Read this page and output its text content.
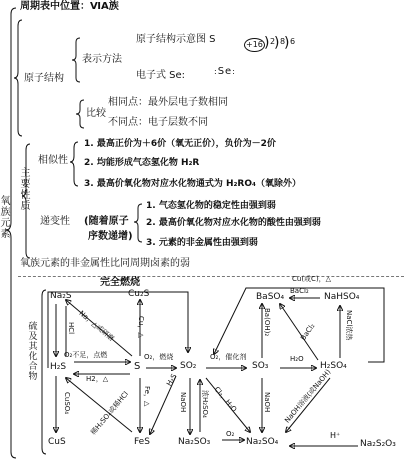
氧族元素
周期表中位置：ⅥA族
原子结构
表示方法
原子结构示意图 S	+16 ) 2
) 8
) 6
电子式 Se:	:Se:
比较
相同点：最外层电子数相同
不同点：电子层数不同
主要性质
相似性
1. 最高正价为＋6价（氧无正价），负价为－2价
2. 均能形成气态氢化物 H₂R
3. 最高价氧化物对应水化物通式为 H₂RO₄（氧除外）
递变性 (随着原子
序数递增)
1. 气态氢化物的稳定性由强到弱
2. 最高价氧化物对应水化物的酸性由强到弱
3. 元素的非金属性由强到弱
氧族元素的非金属性比同周期卤素的弱
硫及其化合物
完全燃烧
Na₂S	Cu₂S
H₂S	S	SO₂	SO₃	H₂SO₄
BaSO₄	NaHSO₄
CuS	FeS	Na₂SO₃	Na₂SO₄	Na₂S₂O₃
Na，△或研磨	Cu，△
HCl
O₂不足，点燃
H2，△
O₂，燃烧	O₂，催化剂	H₂O
Cu(或C)，△
BaCl₂
BaCl₂
Ba(OH)₂	NaCl浓热
CuSO₄	稀H₂SO₄或稀HCl Fe，△
H₂S
NaOH 浓H₂SO₄ Cl₂，H₂O	NaOH NaOH溶液(或NaOH)
O₂	H⁺
